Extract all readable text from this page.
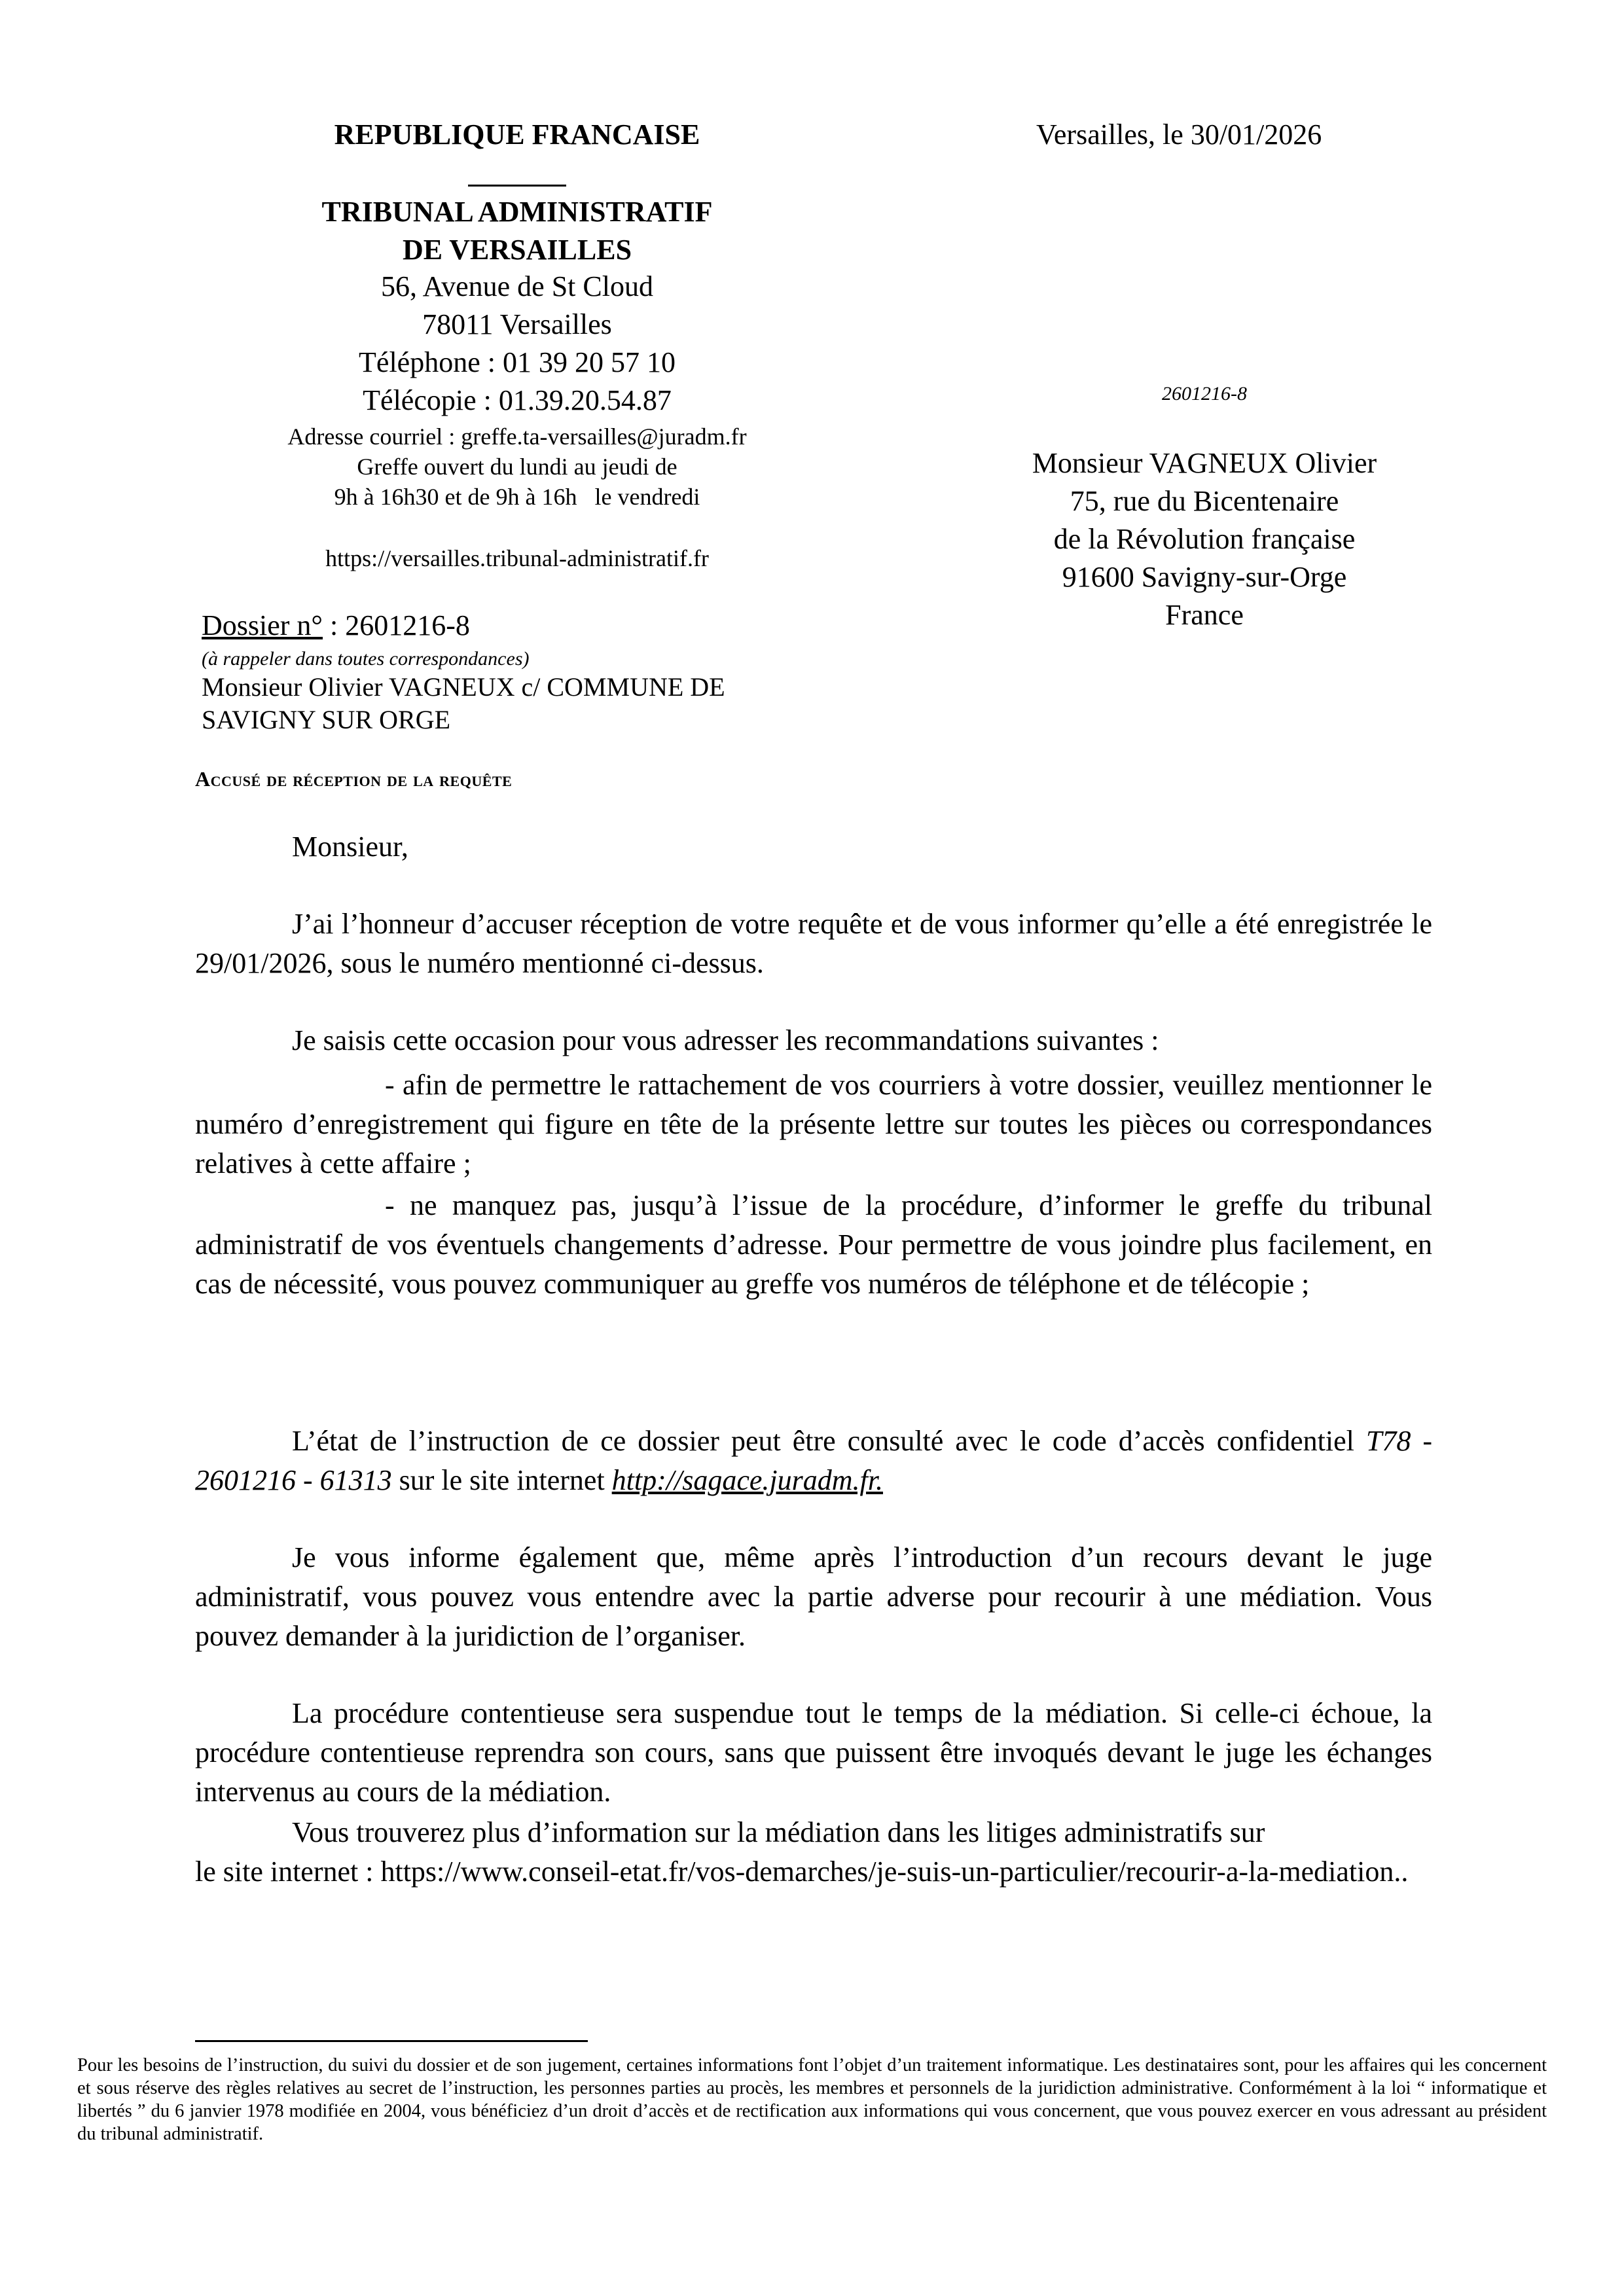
REPUBLIQUE FRANCAISE
TRIBUNAL ADMINISTRATIF
DE VERSAILLES
56, Avenue de St Cloud
78011 Versailles
Téléphone : 01 39 20 57 10
Télécopie : 01.39.20.54.87
Adresse courriel : greffe.ta-versailles@juradm.fr
Greffe ouvert du lundi au jeudi de
9h à 16h30 et de 9h à 16h   le vendredi
https://versailles.tribunal-administratif.fr
Dossier n° : 2601216-8
(à rappeler dans toutes correspondances)
Monsieur Olivier VAGNEUX c/ COMMUNE DE
SAVIGNY SUR ORGE
Versailles, le 30/01/2026
2601216-8
Monsieur VAGNEUX Olivier
75, rue du Bicentenaire
de la Révolution française
91600 Savigny-sur-Orge
France
Accusé de réception de la requête

Monsieur,

J’ai l’honneur d’accuser réception de votre requête et de vous informer qu’elle a été enregistrée le 29/01/2026, sous le numéro mentionné ci-dessus.

Je saisis cette occasion pour vous adresser les recommandations suivantes :

- afin de permettre le rattachement de vos courriers à votre dossier, veuillez mentionner le numéro d’enregistrement qui figure en tête de la présente lettre sur toutes les pièces ou correspondances relatives à cette affaire ;

- ne manquez pas, jusqu’à l’issue de la procédure, d’informer le greffe du tribunal administratif de vos éventuels changements d’adresse. Pour permettre de vous joindre plus facilement, en cas de nécessité, vous pouvez communiquer au greffe vos numéros de téléphone et de télécopie ;

L’état de l’instruction de ce dossier peut être consulté avec le code d’accès confidentiel T78 - 2601216 - 61313 sur le site internet http://sagace.juradm.fr.

Je vous informe également que, même après l’introduction d’un recours devant le juge administratif, vous pouvez vous entendre avec la partie adverse pour recourir à une médiation. Vous pouvez demander à la juridiction de l’organiser.

La procédure contentieuse sera suspendue tout le temps de la médiation. Si celle-ci échoue, la procédure contentieuse reprendra son cours, sans que puissent être invoqués devant le juge les échanges intervenus au cours de la médiation.

Vous trouverez plus d’information sur la médiation dans les litiges administratifs sur
le site internet : https://www.conseil-etat.fr/vos-demarches/je-suis-un-particulier/recourir-a-la-mediation..

Pour les besoins de l’instruction, du suivi du dossier et de son jugement, certaines informations font l’objet d’un traitement informatique. Les destinataires sont, pour les affaires qui les concernent et sous réserve des règles relatives au secret de l’instruction, les personnes parties au procès, les membres et personnels de la juridiction administrative. Conformément à la loi “ informatique et libertés ” du 6 janvier 1978 modifiée en 2004, vous bénéficiez d’un droit d’accès et de rectification aux informations qui vous concernent, que vous pouvez exercer en vous adressant au président du tribunal administratif.
